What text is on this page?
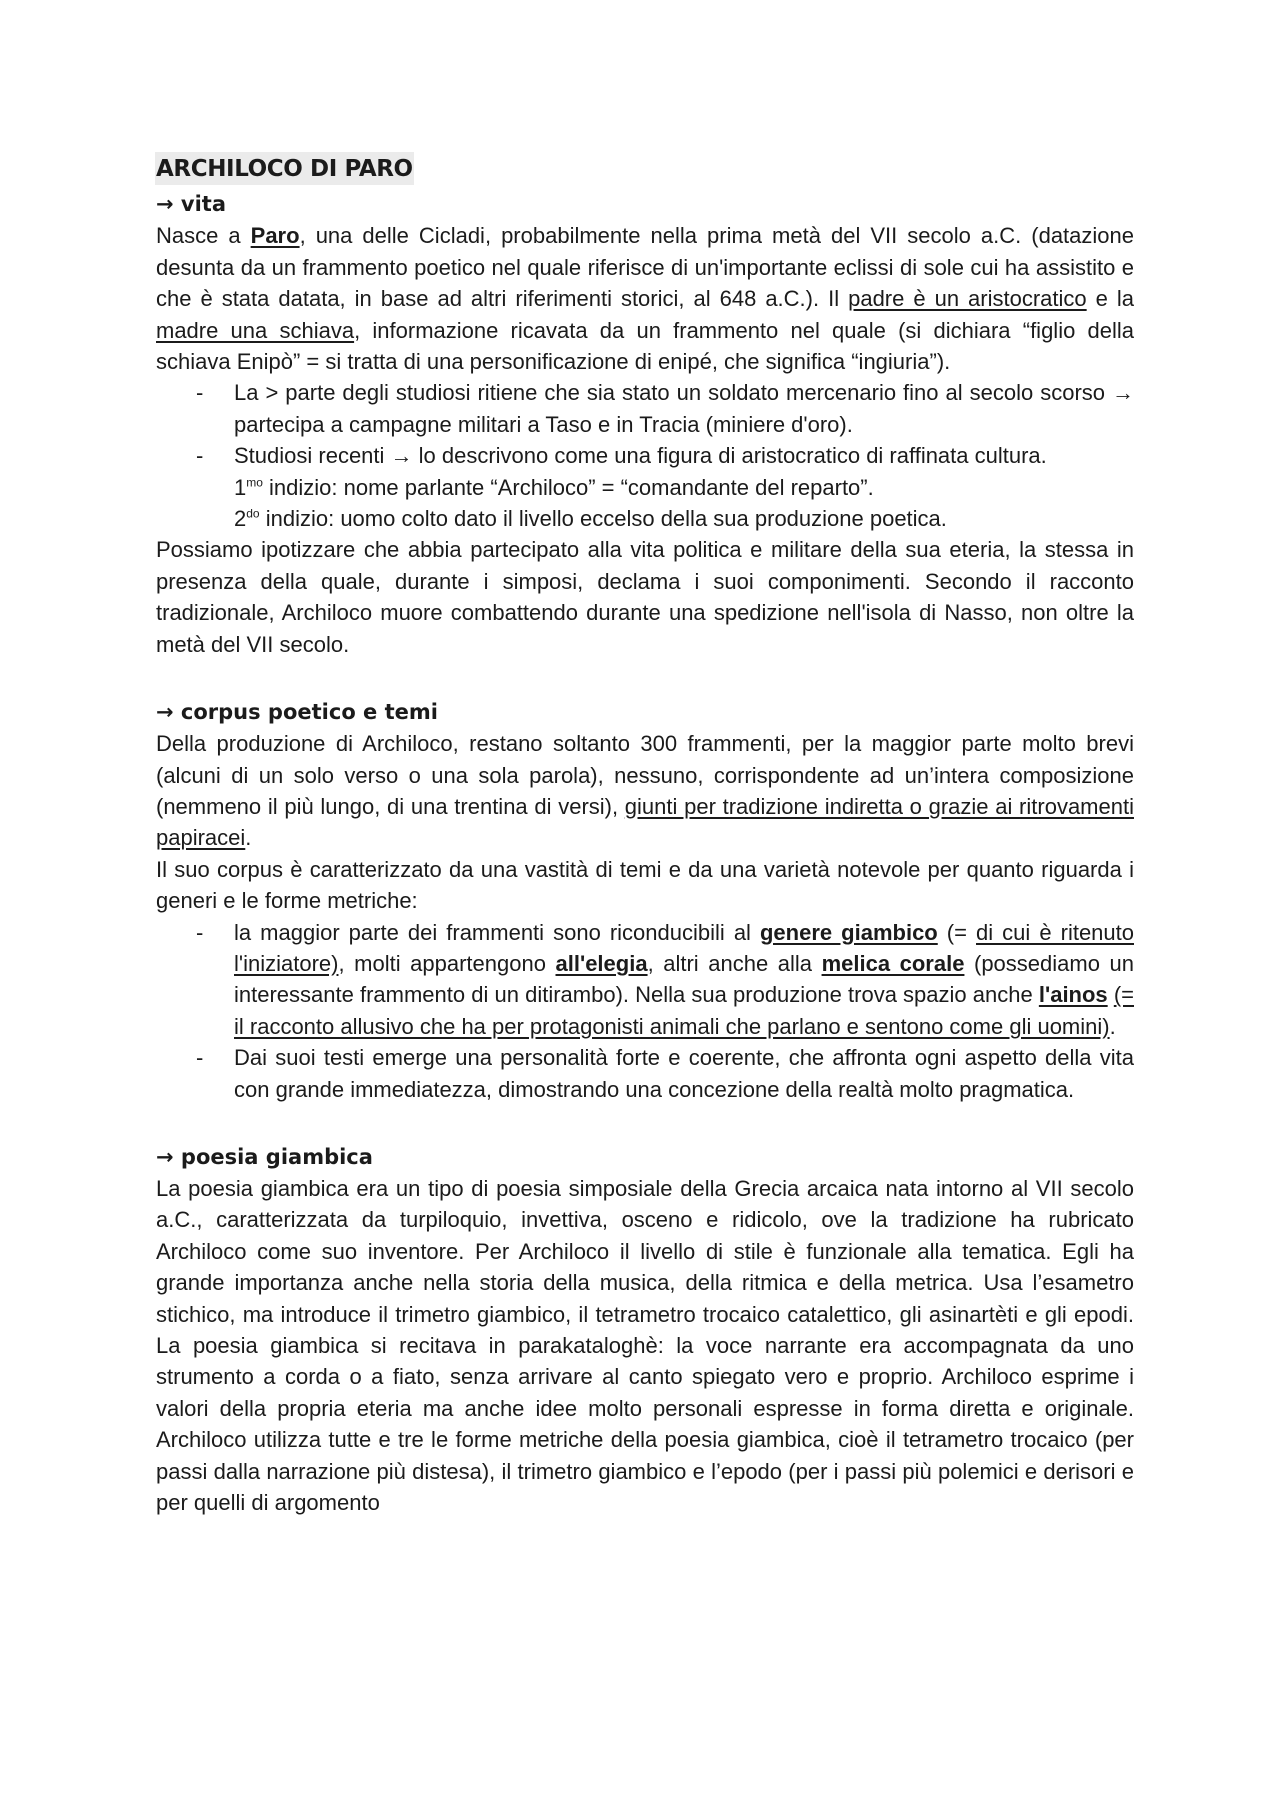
ARCHILOCO DI PARO
→ vita

Nasce a Paro, una delle Cicladi, probabilmente nella prima metà del VII secolo a.C. (datazione desunta da un frammento poetico nel quale riferisce di un'importante eclissi di sole cui ha assistito e che è stata datata, in base ad altri riferimenti storici, al 648 a.C.). Il padre è un aristocratico e la madre una schiava, informazione ricavata da un frammento nel quale (si dichiara “figlio della schiava Enipò” = si tratta di una personificazione di enipé, che significa “ingiuria”).

- La > parte degli studiosi ritiene che sia stato un soldato mercenario fino al secolo scorso → partecipa a campagne militari a Taso e in Tracia (miniere d'oro).
- Studiosi recenti → lo descrivono come una figura di aristocratico di raffinata cultura.
$1^{mo}$ indizio: nome parlante “Archiloco” = “comandante del reparto”.
$2^{do}$ indizio: uomo colto dato il livello eccelso della sua produzione poetica.

Possiamo ipotizzare che abbia partecipato alla vita politica e militare della sua eteria, la stessa in presenza della quale, durante i simposi, declama i suoi componimenti. Secondo il racconto tradizionale, Archiloco muore combattendo durante una spedizione nell'isola di Nasso, non oltre la metà del VII secolo.

→ corpus poetico e temi

Della produzione di Archiloco, restano soltanto 300 frammenti, per la maggior parte molto brevi (alcuni di un solo verso o una sola parola), nessuno, corrispondente ad un’intera composizione (nemmeno il più lungo, di una trentina di versi), giunti per tradizione indiretta o grazie ai ritrovamenti papiracei.

Il suo corpus è caratterizzato da una vastità di temi e da una varietà notevole per quanto riguarda i generi e le forme metriche:

- la maggior parte dei frammenti sono riconducibili al genere giambico (= di cui è ritenuto l'iniziatore), molti appartengono all'elegia, altri anche alla melica corale (possediamo un interessante frammento di un ditirambo). Nella sua produzione trova spazio anche l'ainos (= il racconto allusivo che ha per protagonisti animali che parlano e sentono come gli uomini).
- Dai suoi testi emerge una personalità forte e coerente, che affronta ogni aspetto della vita con grande immediatezza, dimostrando una concezione della realtà molto pragmatica.
→ poesia giambica

La poesia giambica era un tipo di poesia simposiale della Grecia arcaica nata intorno al VII secolo a.C., caratterizzata da turpiloquio, invettiva, osceno e ridicolo, ove la tradizione ha rubricato Archiloco come suo inventore. Per Archiloco il livello di stile è funzionale alla tematica. Egli ha grande importanza anche nella storia della musica, della ritmica e della metrica. Usa l’esametro stichico, ma introduce il trimetro giambico, il tetrametro trocaico catalettico, gli asinartèti e gli epodi. La poesia giambica si recitava in parakataloghè: la voce narrante era accompagnata da uno strumento a corda o a fiato, senza arrivare al canto spiegato vero e proprio. Archiloco esprime i valori della propria eteria ma anche idee molto personali espresse in forma diretta e originale. Archiloco utilizza tutte e tre le forme metriche della poesia giambica, cioè il tetrametro trocaico (per passi dalla narrazione più distesa), il trimetro giambico e l’epodo (per i passi più polemici e derisori e per quelli di argomento
